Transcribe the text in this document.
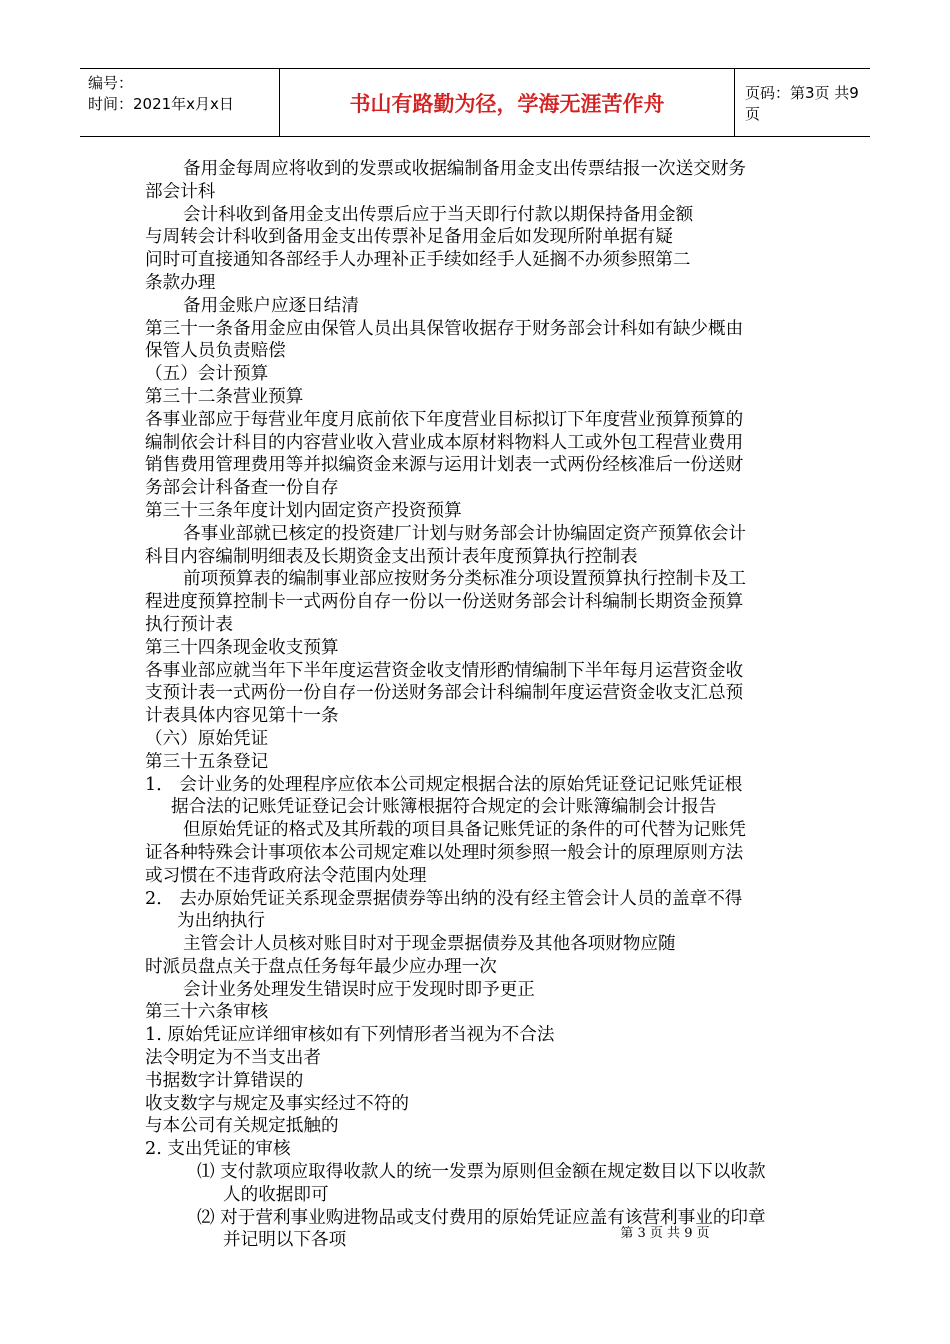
编号：
时间：2021年x月x日	书山有路勤为径，学海无涯苦作舟	页码：第3页 共9页
备用金每周应将收到的发票或收据编制备用金支出传票结报一次送交财务
部会计科
会计科收到备用金支出传票后应于当天即行付款以期保持备用金额
与周转会计科收到备用金支出传票补足备用金后如发现所附单据有疑
问时可直接通知各部经手人办理补正手续如经手人延搁不办须参照第二
条款办理
备用金账户应逐日结清
第三十一条备用金应由保管人员出具保管收据存于财务部会计科如有缺少概由
保管人员负责赔偿
（五）会计预算
第三十二条营业预算
各事业部应于每营业年度月底前依下年度营业目标拟订下年度营业预算预算的
编制依会计科目的内容营业收入营业成本原材料物料人工或外包工程营业费用
销售费用管理费用等并拟编资金来源与运用计划表一式两份经核准后一份送财
务部会计科备查一份自存
第三十三条年度计划内固定资产投资预算
各事业部就已核定的投资建厂计划与财务部会计协编固定资产预算依会计
科目内容编制明细表及长期资金支出预计表年度预算执行控制表
前项预算表的编制事业部应按财务分类标准分项设置预算执行控制卡及工
程进度预算控制卡一式两份自存一份以一份送财务部会计科编制长期资金预算
执行预计表
第三十四条现金收支预算
各事业部应就当年下半年度运营资金收支情形酌情编制下半年每月运营资金收
支预计表一式两份一份自存一份送财务部会计科编制年度运营资金收支汇总预
计表具体内容见第十一条
（六）原始凭证
第三十五条登记
1． 会计业务的处理程序应依本公司规定根据合法的原始凭证登记记账凭证根
据合法的记账凭证登记会计账簿根据符合规定的会计账簿编制会计报告
但原始凭证的格式及其所载的项目具备记账凭证的条件的可代替为记账凭
证各种特殊会计事项依本公司规定难以处理时须参照一般会计的原理原则方法
或习惯在不违背政府法令范围内处理
2． 去办原始凭证关系现金票据债券等出纳的没有经主管会计人员的盖章不得
为出纳执行
主管会计人员核对账目时对于现金票据债券及其他各项财物应随
时派员盘点关于盘点任务每年最少应办理一次
会计业务处理发生错误时应于发现时即予更正
第三十六条审核
1. 原始凭证应详细审核如有下列情形者当视为不合法
法令明定为不当支出者
书据数字计算错误的
收支数字与规定及事实经过不符的
与本公司有关规定抵触的
2. 支出凭证的审核
⑴ 支付款项应取得收款人的统一发票为原则但金额在规定数目以下以收款
人的收据即可
⑵ 对于营利事业购进物品或支付费用的原始凭证应盖有该营利事业的印章
并记明以下各项	第 3 页 共 9 页
